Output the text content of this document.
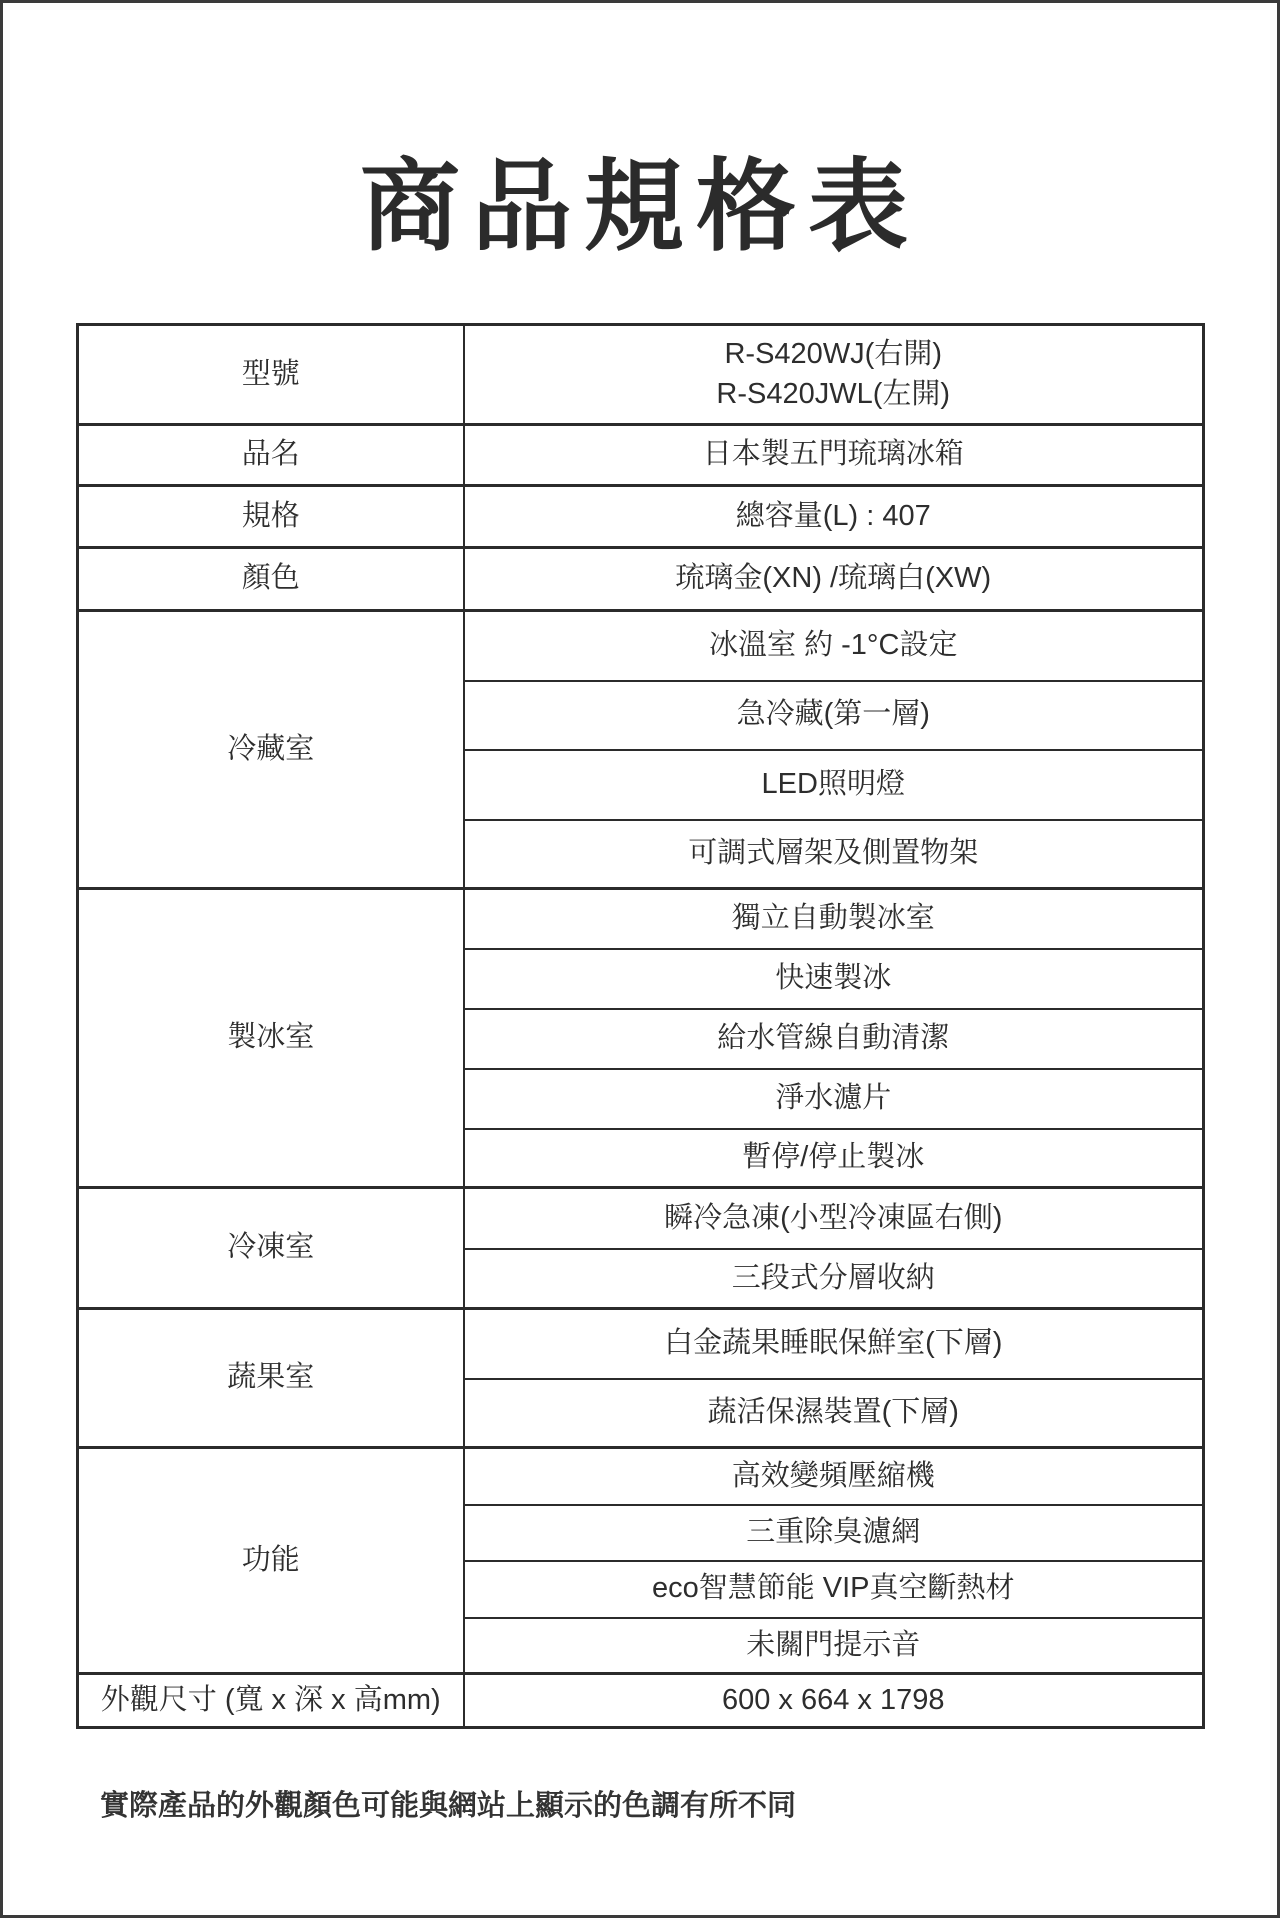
商品規格表
型號	R-S420WJ(右開)
R-S420JWL(左開)

品名	日本製五門琉璃冰箱
規格	總容量(L) : 407
顏色	琉璃金(XN) /琉璃白(XW)
冷藏室	冰溫室 約 -1°C設定
	急冷藏(第一層)
	LED照明燈
	可調式層架及側置物架
製冰室	獨立自動製冰室
	快速製冰
	給水管線自動清潔
	淨水濾片
	暫停/停止製冰
冷凍室	瞬冷急凍(小型冷凍區右側)
	三段式分層收納
蔬果室	白金蔬果睡眠保鮮室(下層)
	蔬活保濕裝置(下層)
功能	高效變頻壓縮機
	三重除臭濾網
	eco智慧節能 VIP真空斷熱材
	未關門提示音
外觀尺寸 (寬 x 深 x 高mm)	600 x 664 x 1798
實際產品的外觀顏色可能與網站上顯示的色調有所不同
